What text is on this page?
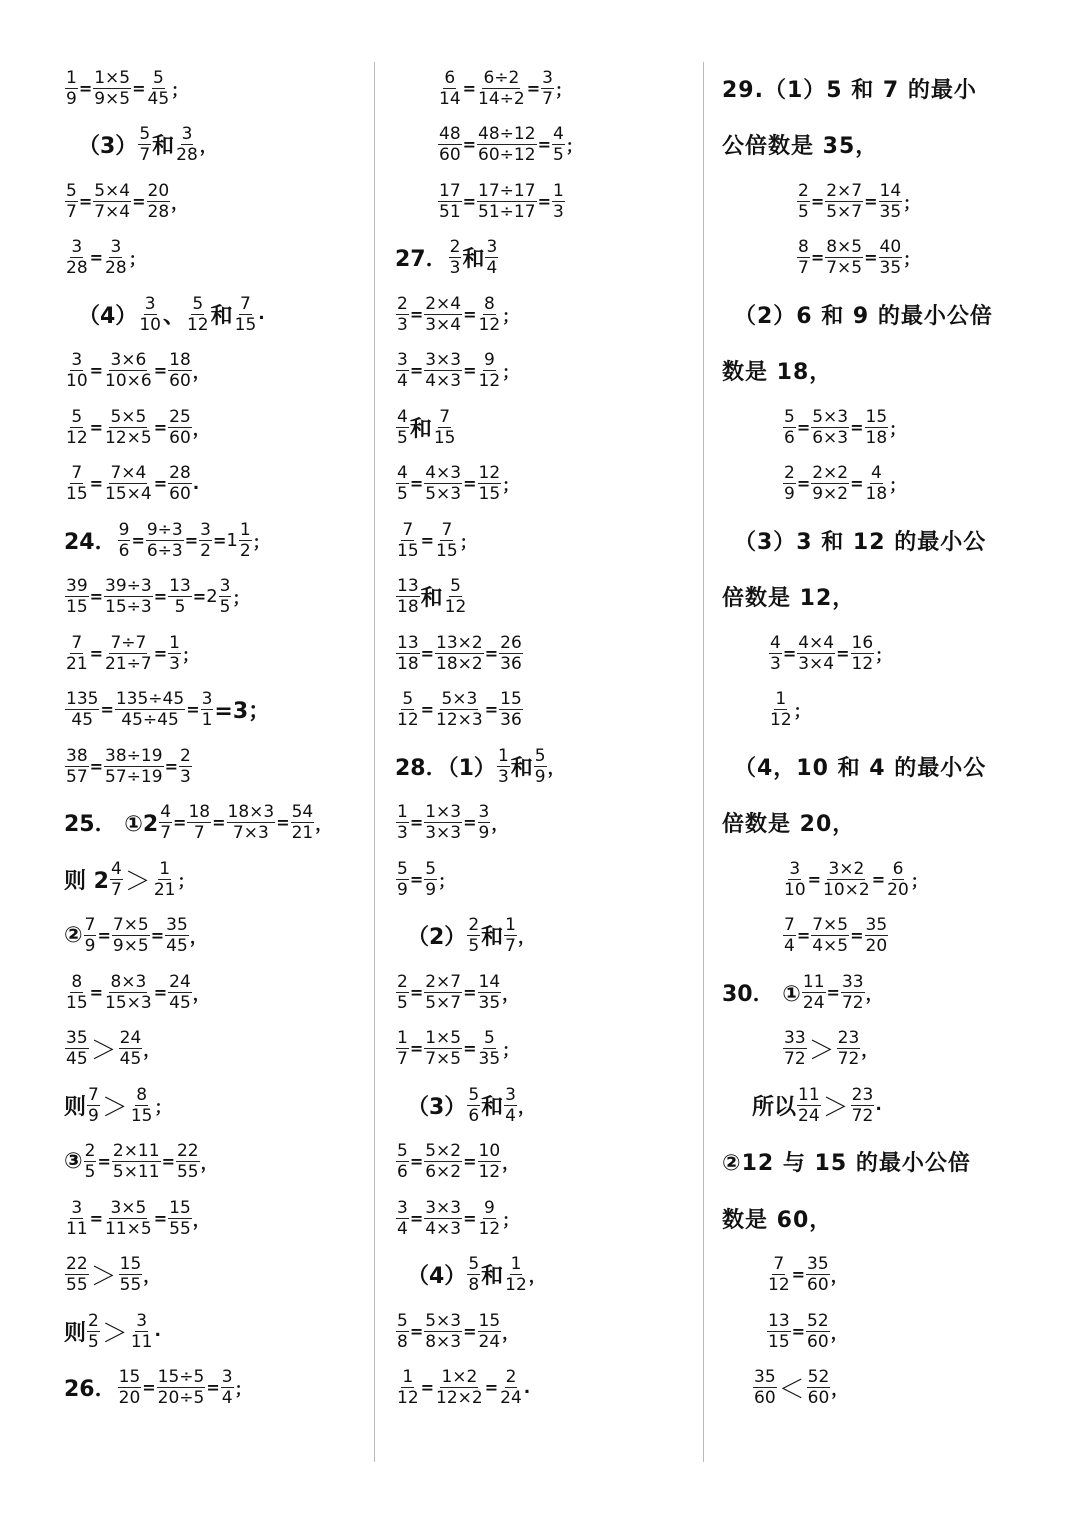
$\frac{1}{9} = \frac{1\times 5}{9\times 5} = \frac{5}{45}$ ；
$(3) \frac{5}{7}$ 和 $\frac{3}{28}$ ，
$\frac{5}{7} = \frac{5\times 4}{7\times 4} = \frac{20}{28}$ ，
$\frac{3}{28} = \frac{3}{28}$ ；
$(4) \frac{3}{10}$ 、 $\frac{5}{12}$ 和 $\frac{7}{15}$ .
$\frac{3}{10} = \frac{3\times 6}{10\times 6} = \frac{18}{60}$ ，
$\frac{5}{12} = \frac{5\times 5}{12\times 5} = \frac{25}{60}$ ，
$\frac{7}{15} = \frac{7\times 4}{15\times 4} = \frac{28}{60}$ .
24． $\frac{9}{6} = \frac{9\div 3}{6\div 3} = \frac{3}{2} = 1 \frac{1}{2}$ ；
$\frac{39}{15} = \frac{39\div 3}{15\div 3} = \frac{13}{5} = 2 \frac{3}{5}$ ；
$\frac{7}{21} = \frac{7\div 7}{21\div 7} = \frac{1}{3}$ ；
$\frac{135}{45} = \frac{135\div 45}{45\div 45} = \frac{3}{1} =3$；
$\frac{38}{57} = \frac{38\div 19}{57\div 19} = \frac{2}{3}$
25． ①2 $\frac{4}{7} = \frac{18}{7} = \frac{18\times 3}{7\times 3} = \frac{54}{21}$ ，
则 $2 \frac{4}{7} > \frac{1}{21}$ ；
② $\frac{7}{9} = \frac{7\times 5}{9\times 5} = \frac{35}{45}$ ，
$\frac{8}{15} = \frac{8\times 3}{15\times 3} = \frac{24}{45}$ ，
$\frac{35}{45} > \frac{24}{45}$ ，
则 $\frac{7}{9} > \frac{8}{15}$ ；
③ $\frac{2}{5} = \frac{2\times 11}{5\times 11} = \frac{22}{55}$ ，
$\frac{3}{11} = \frac{3\times 5}{11\times 5} = \frac{15}{55}$ ，
$\frac{22}{55} > \frac{15}{55}$ ，
则 $\frac{2}{5} > \frac{3}{11}$ .
26． $\frac{15}{20} = \frac{15\div 5}{20\div 5} = \frac{3}{4}$ ；
$\frac{6}{14} = \frac{6\div 2}{14\div 2} = \frac{3}{7}$ ；
$\frac{48}{60} = \frac{48\div 12}{60\div 12} = \frac{4}{5}$ ；
$\frac{17}{51} = \frac{17\div 17}{51\div 17} = \frac{1}{3}$
27． $\frac{2}{3}$ 和 $\frac{3}{4}$
$\frac{2}{3} = \frac{2\times 4}{3\times 4} = \frac{8}{12}$ ；
$\frac{3}{4} = \frac{3\times 3}{4\times 3} = \frac{9}{12}$ ；
$\frac{4}{5}$ 和 $\frac{7}{15}$
$\frac{4}{5} = \frac{4\times 3}{5\times 3} = \frac{12}{15}$ ；
$\frac{7}{15} = \frac{7}{15}$ ；
$\frac{13}{18}$ 和 $\frac{5}{12}$
$\frac{13}{18} = \frac{13\times 2}{18\times 2} = \frac{26}{36}$
$\frac{5}{12} = \frac{5\times 3}{12\times 3} = \frac{15}{36}$
28．$(1) \frac{1}{3}$ 和 $\frac{5}{9}$ ，
$\frac{1}{3} = \frac{1\times 3}{3\times 3} = \frac{3}{9}$ ，
$\frac{5}{9} = \frac{5}{9}$ ；
$(2) \frac{2}{5}$ 和 $\frac{1}{7}$ ，
$\frac{2}{5} = \frac{2\times 7}{5\times 7} = \frac{14}{35}$ ，
$\frac{1}{7} = \frac{1\times 5}{7\times 5} = \frac{5}{35}$ ；
$(3) \frac{5}{6}$ 和 $\frac{3}{4}$ ，
$\frac{5}{6} = \frac{5\times 2}{6\times 2} = \frac{10}{12}$ ，
$\frac{3}{4} = \frac{3\times 3}{4\times 3} = \frac{9}{12}$ ；
$(4) \frac{5}{8}$ 和 $\frac{1}{12}$ ，
$\frac{5}{8} = \frac{5\times 3}{8\times 3} = \frac{15}{24}$ ，
$\frac{1}{12} = \frac{1\times 2}{12\times 2} = \frac{2}{24}$ .
29.（1）5 和 7 的最小
公倍数是 35，
$\frac{2}{5} = \frac{2\times 7}{5\times 7} = \frac{14}{35}$ ；
$\frac{8}{7} = \frac{8\times 5}{7\times 5} = \frac{40}{35}$ ；
（2）6 和 9 的最小公倍
数是 18，
$\frac{5}{6} = \frac{5\times 3}{6\times 3} = \frac{15}{18}$ ；
$\frac{2}{9} = \frac{2\times 2}{9\times 2} = \frac{4}{18}$ ；
（3）3 和 12 的最小公
倍数是 12，
$\frac{4}{3} = \frac{4\times 4}{3\times 4} = \frac{16}{12}$ ；
$\frac{1}{12}$ ；
（4，10 和 4 的最小公
倍数是 20，
$\frac{3}{10} = \frac{3\times 2}{10\times 2} = \frac{6}{20}$ ；
$\frac{7}{4} = \frac{7\times 5}{4\times 5} = \frac{35}{20}$
30． ① $\frac{11}{24} = \frac{33}{72}$ ，
$\frac{33}{72} > \frac{23}{72}$ ，
所以 $\frac{11}{24} > \frac{23}{72}$ .
②12 与 15 的最小公倍
数是 60，
$\frac{7}{12} = \frac{35}{60}$ ，
$\frac{13}{15} = \frac{52}{60}$ ，
$\frac{35}{60} < \frac{52}{60}$ ，
